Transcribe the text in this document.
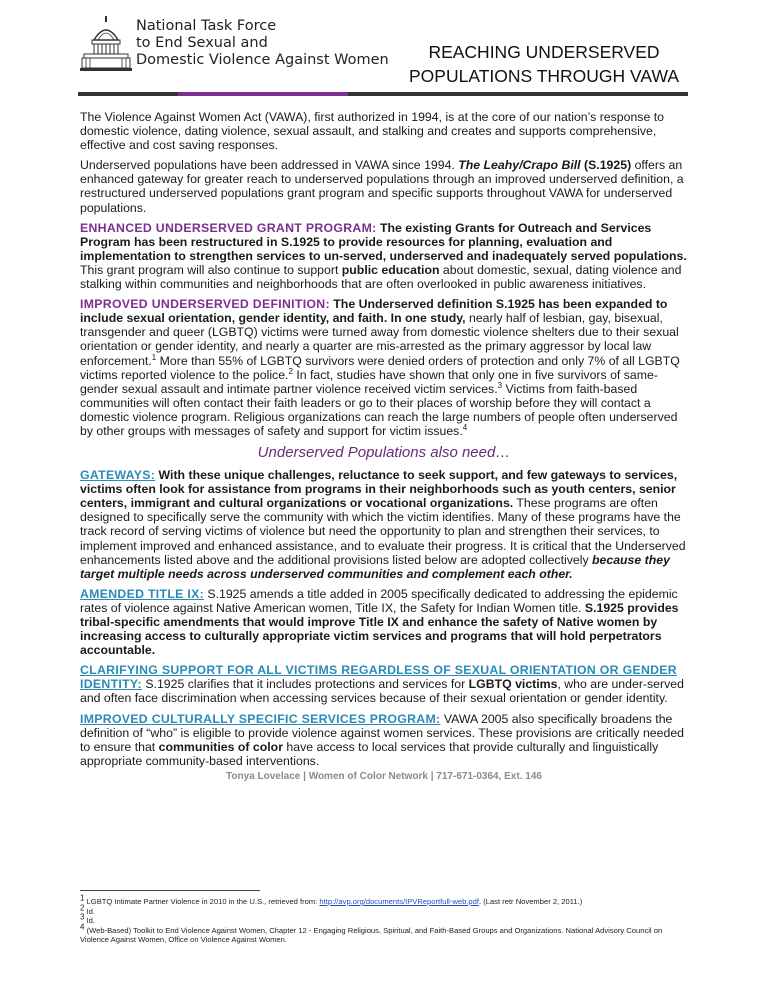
National Task Force
to End Sexual and
Domestic Violence Against Women	REACHING UNDERSERVED
POPULATIONS THROUGH VAWA

The Violence Against Women Act (VAWA), first authorized in 1994, is at the core of our nation’s response to domestic violence, dating violence, sexual assault, and stalking and creates and supports comprehensive, effective and cost saving responses.

Underserved populations have been addressed in VAWA since 1994. The Leahy/Crapo Bill (S.1925) offers an enhanced gateway for greater reach to underserved populations through an improved underserved definition, a restructured underserved populations grant program and specific supports throughout VAWA for underserved populations.

ENHANCED UNDERSERVED GRANT PROGRAM: The existing Grants for Outreach and Services Program has been restructured in S.1925 to provide resources for planning, evaluation and implementation to strengthen services to un-served, underserved and inadequately served populations. This grant program will also continue to support public education about domestic, sexual, dating violence and stalking within communities and neighborhoods that are often overlooked in public awareness initiatives.

IMPROVED UNDERSERVED DEFINITION: The Underserved definition S.1925 has been expanded to include sexual orientation, gender identity, and faith. In one study, nearly half of lesbian, gay, bisexual, transgender and queer (LGBTQ) victims were turned away from domestic violence shelters due to their sexual orientation or gender identity, and nearly a quarter are mis-arrested as the primary aggressor by local law enforcement.$^1$ More than 55% of LGBTQ survivors were denied orders of protection and only 7% of all LGBTQ victims reported violence to the police.$^2$ In fact, studies have shown that only one in five survivors of same-gender sexual assault and intimate partner violence received victim services.$^3$ Victims from faith-based communities will often contact their faith leaders or go to their places of worship before they will contact a domestic violence program. Religious organizations can reach the large numbers of people often underserved by other groups with messages of safety and support for victim issues.$^4$

Underserved Populations also need…

GATEWAYS: With these unique challenges, reluctance to seek support, and few gateways to services, victims often look for assistance from programs in their neighborhoods such as youth centers, senior centers, immigrant and cultural organizations or vocational organizations. These programs are often designed to specifically serve the community with which the victim identifies. Many of these programs have the track record of serving victims of violence but need the opportunity to plan and strengthen their services, to implement improved and enhanced assistance, and to evaluate their progress. It is critical that the Underserved enhancements listed above and the additional provisions listed below are adopted collectively because they target multiple needs across underserved communities and complement each other.

AMENDED TITLE IX: S.1925 amends a title added in 2005 specifically dedicated to addressing the epidemic rates of violence against Native American women, Title IX, the Safety for Indian Women title. S.1925 provides tribal-specific amendments that would improve Title IX and enhance the safety of Native women by increasing access to culturally appropriate victim services and programs that will hold perpetrators accountable.

CLARIFYING SUPPORT FOR ALL VICTIMS REGARDLESS OF SEXUAL ORIENTATION OR GENDER IDENTITY: S.1925 clarifies that it includes protections and services for LGBTQ victims, who are under-served and often face discrimination when accessing services because of their sexual orientation or gender identity.

IMPROVED CULTURALLY SPECIFIC SERVICES PROGRAM: VAWA 2005 also specifically broadens the definition of “who” is eligible to provide violence against women services. These provisions are critically needed to ensure that communities of color have access to local services that provide culturally and linguistically appropriate community-based interventions.

Tonya Lovelace | Women of Color Network | 717-671-0364, Ext. 146
$^1$ LGBTQ Intimate Partner Violence in 2010 in the U.S., retrieved from: http://avp.org/documents/IPVReportfull-web.pdf. (Last retr November 2, 2011.)
$^2$ Id.
$^3$ Id.
$^4$ (Web-Based) Toolkit to End Violence Against Women, Chapter 12 - Engaging Religious, Spiritual, and Faith-Based Groups and Organizations. National Advisory Council on Violence Against Women, Office on Violence Against Women.
